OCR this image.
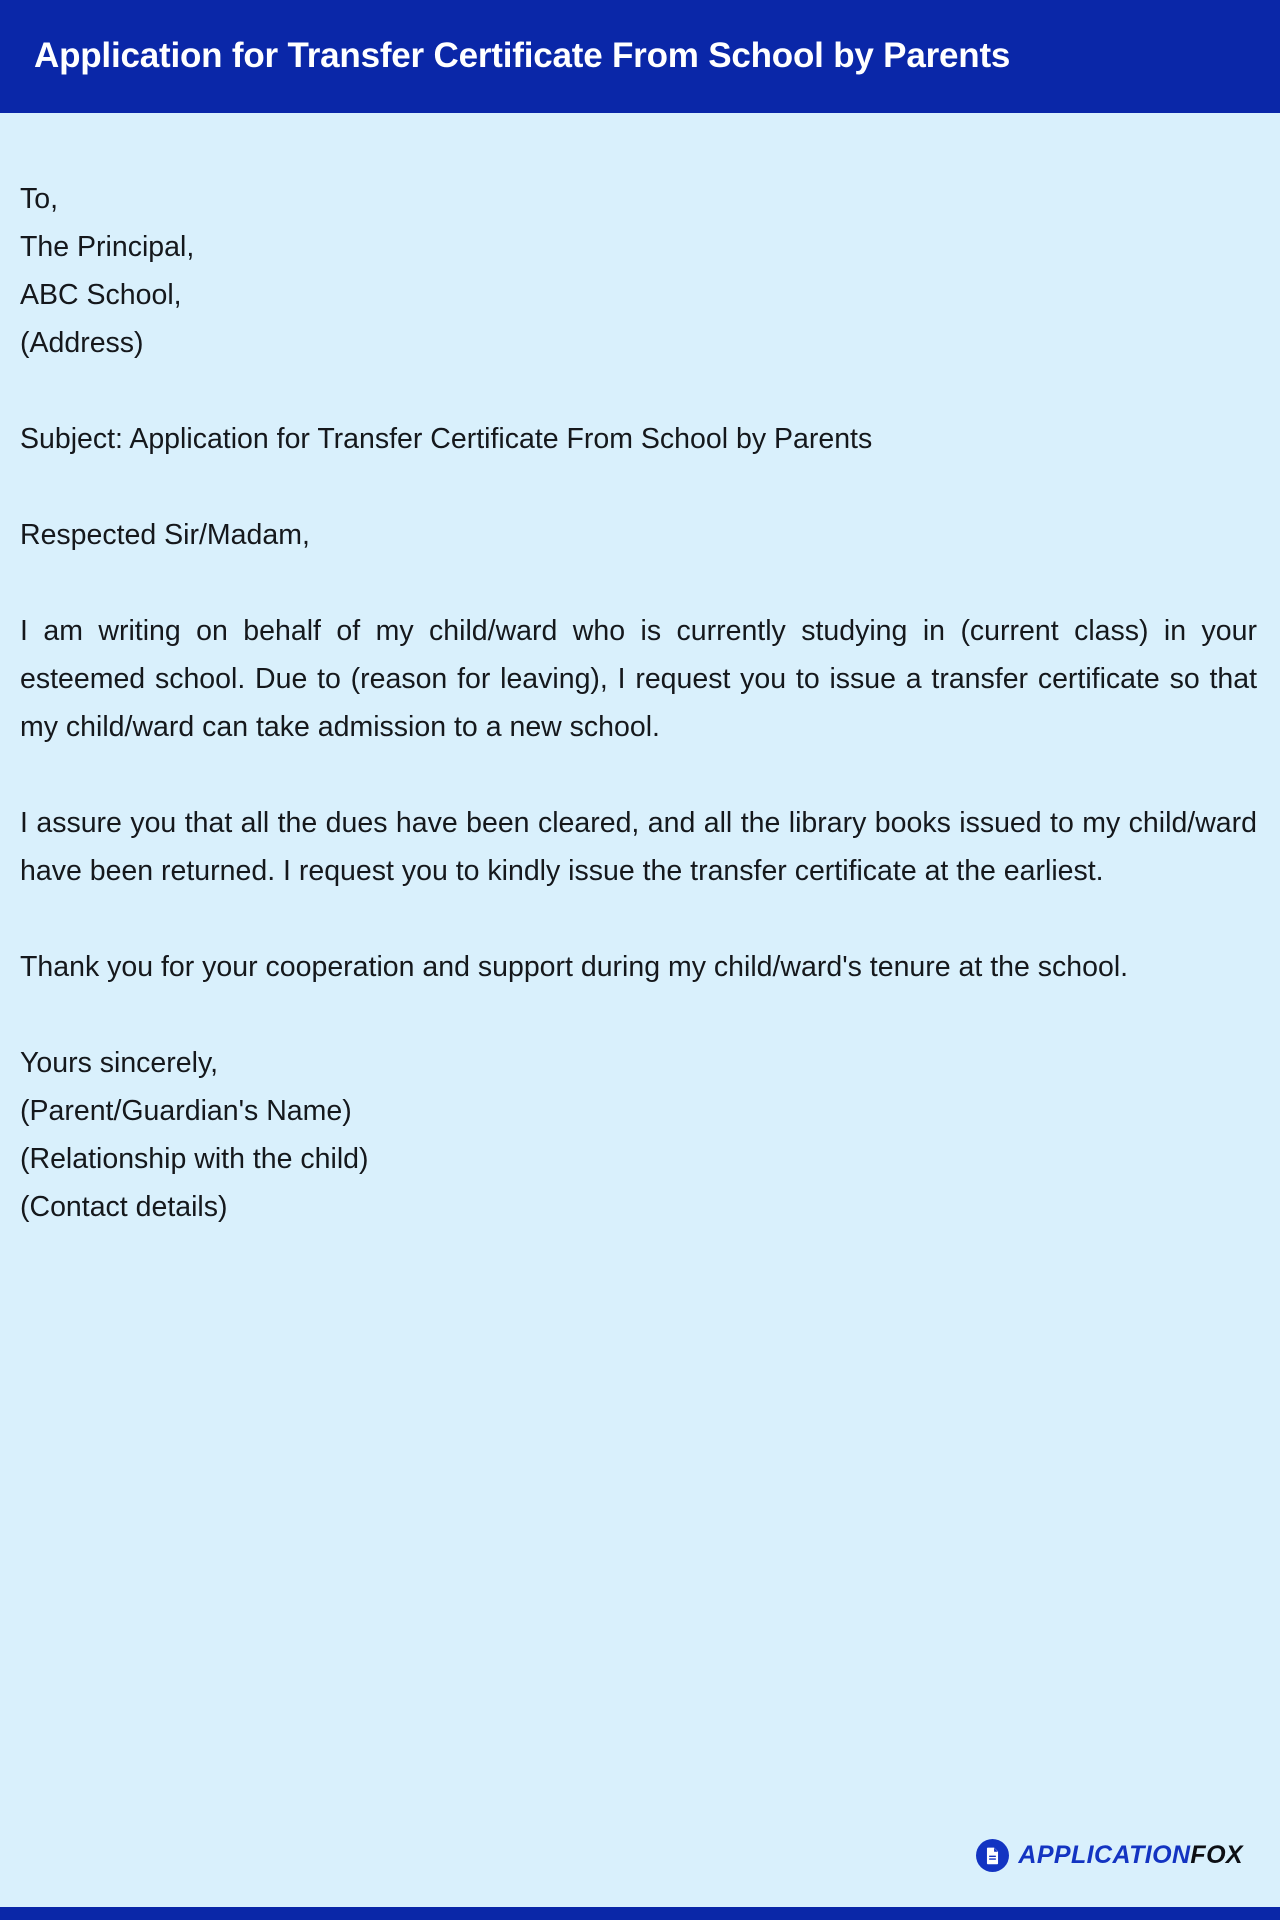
Application for Transfer Certificate From School by Parents
To,
The Principal,
ABC School,
(Address)
Subject: Application for Transfer Certificate From School by Parents
Respected Sir/Madam,

I am writing on behalf of my child/ward who is currently studying in (current class) in your esteemed school. Due to (reason for leaving), I request you to issue a transfer certificate so that my child/ward can take admission to a new school.

I assure you that all the dues have been cleared, and all the library books issued to my child/ward have been returned. I request you to kindly issue the transfer certificate at the earliest.

Thank you for your cooperation and support during my child/ward's tenure at the school.

Yours sincerely,
(Parent/Guardian's Name)
(Relationship with the child)
(Contact details)
APPLICATIONFOX
